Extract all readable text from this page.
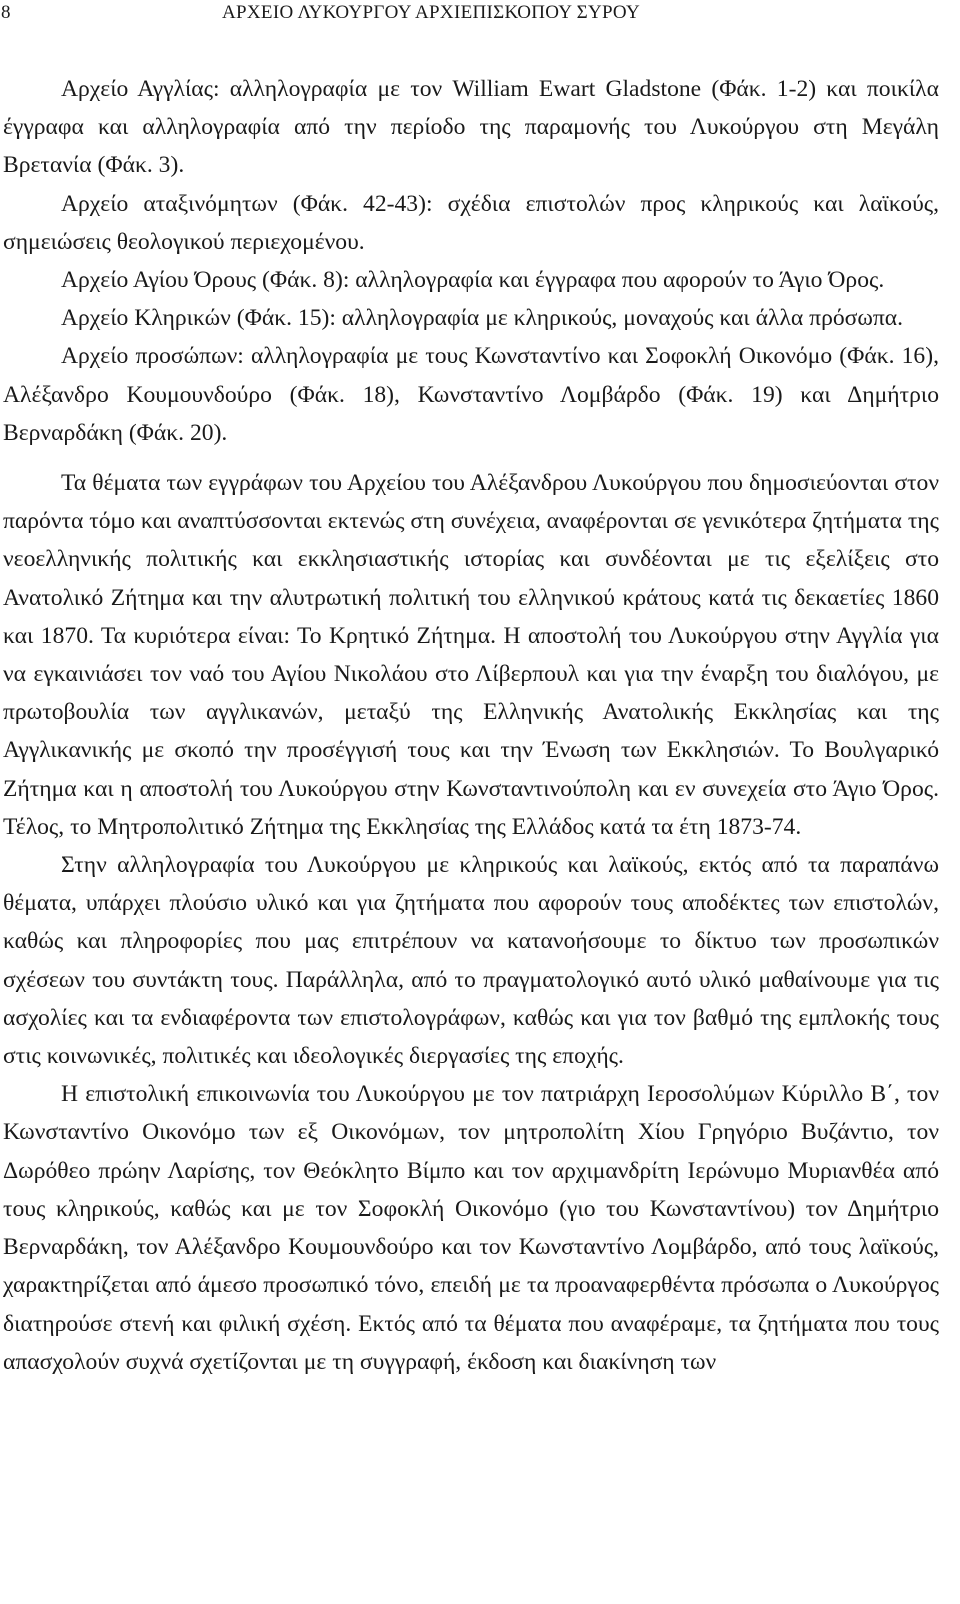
8	ΑΡΧΕΙΟ ΛΥΚΟΥΡΓΟΥ ΑΡΧΙΕΠΙΣΚΟΠΟΥ ΣΥΡΟΥ

Αρχείο Αγγλίας: αλληλογραφία με τον William Ewart Gladstone (Φάκ. 1-2) και ποικίλα έγγραφα και αλληλογραφία από την περίοδο της παραμονής του Λυκούργου στη Μεγάλη Βρετανία (Φάκ. 3).

Αρχείο αταξινόμητων (Φάκ. 42-43): σχέδια επιστολών προς κληρικούς και λαϊκούς, σημειώσεις θεολογικού περιεχομένου.

Αρχείο Αγίου Όρους (Φάκ. 8): αλληλογραφία και έγγραφα που αφορούν το Άγιο Όρος.

Αρχείο Κληρικών (Φάκ. 15): αλληλογραφία με κληρικούς, μοναχούς και άλλα πρόσωπα.

Αρχείο προσώπων: αλληλογραφία με τους Κωνσταντίνο και Σοφοκλή Οικονόμο (Φάκ. 16), Αλέξανδρο Κουμουνδούρο (Φάκ. 18), Κωνσταντίνο Λομβάρδο (Φάκ. 19) και Δημήτριο Βερναρδάκη (Φάκ. 20).

Τα θέματα των εγγράφων του Αρχείου του Αλέξανδρου Λυκούργου που δημοσιεύονται στον παρόντα τόμο και αναπτύσσονται εκτενώς στη συνέχεια, αναφέρονται σε γενικότερα ζητήματα της νεοελληνικής πολιτικής και εκκλησιαστικής ιστορίας και συνδέονται με τις εξελίξεις στο Ανατολικό Ζήτημα και την αλυτρωτική πολιτική του ελληνικού κράτους κατά τις δεκαετίες 1860 και 1870. Τα κυριότερα είναι: Το Κρητικό Ζήτημα. Η αποστολή του Λυκούργου στην Αγγλία για να εγκαινιάσει τον ναό του Αγίου Νικολάου στο Λίβερπουλ και για την έναρξη του διαλόγου, με πρωτοβουλία των αγγλικανών, μεταξύ της Ελληνικής Ανατολικής Εκκλησίας και της Αγγλικανικής με σκοπό την προσέγγισή τους και την Ένωση των Εκκλησιών. Το Βουλγαρικό Ζήτημα και η αποστολή του Λυκούργου στην Κωνσταντινούπολη και εν συνεχεία στο Άγιο Όρος. Τέλος, το Μητροπολιτικό Ζήτημα της Εκκλησίας της Ελλάδος κατά τα έτη 1873-74.

Στην αλληλογραφία του Λυκούργου με κληρικούς και λαϊκούς, εκτός από τα παραπάνω θέματα, υπάρχει πλούσιο υλικό και για ζητήματα που αφορούν τους αποδέκτες των επιστολών, καθώς και πληροφορίες που μας επιτρέπουν να κατανοήσουμε το δίκτυο των προσωπικών σχέσεων του συντάκτη τους. Παράλληλα, από το πραγματολογικό αυτό υλικό μαθαίνουμε για τις ασχολίες και τα ενδιαφέροντα των επιστολογράφων, καθώς και για τον βαθμό της εμπλοκής τους στις κοινωνικές, πολιτικές και ιδεολογικές διεργασίες της εποχής.

Η επιστολική επικοινωνία του Λυκούργου με τον πατριάρχη Ιεροσολύμων Κύριλλο Β΄, τον Κωνσταντίνο Οικονόμο των εξ Οικονόμων, τον μητροπολίτη Χίου Γρηγόριο Βυζάντιο, τον Δωρόθεο πρώην Λαρίσης, τον Θεόκλητο Βίμπο και τον αρχιμανδρίτη Ιερώνυμο Μυριανθέα από τους κληρικούς, καθώς και με τον Σοφοκλή Οικονόμο (γιο του Κωνσταντίνου) τον Δημήτριο Βερναρδάκη, τον Αλέξανδρο Κουμουνδούρο και τον Κωνσταντίνο Λομβάρδο, από τους λαϊκούς, χαρακτηρίζεται από άμεσο προσωπικό τόνο, επειδή με τα προαναφερθέντα πρόσωπα ο Λυκούργος διατηρούσε στενή και φιλική σχέση. Εκτός από τα θέματα που αναφέραμε, τα ζητήματα που τους απασχολούν συχνά σχετίζονται με τη συγγραφή, έκδοση και διακίνηση των
